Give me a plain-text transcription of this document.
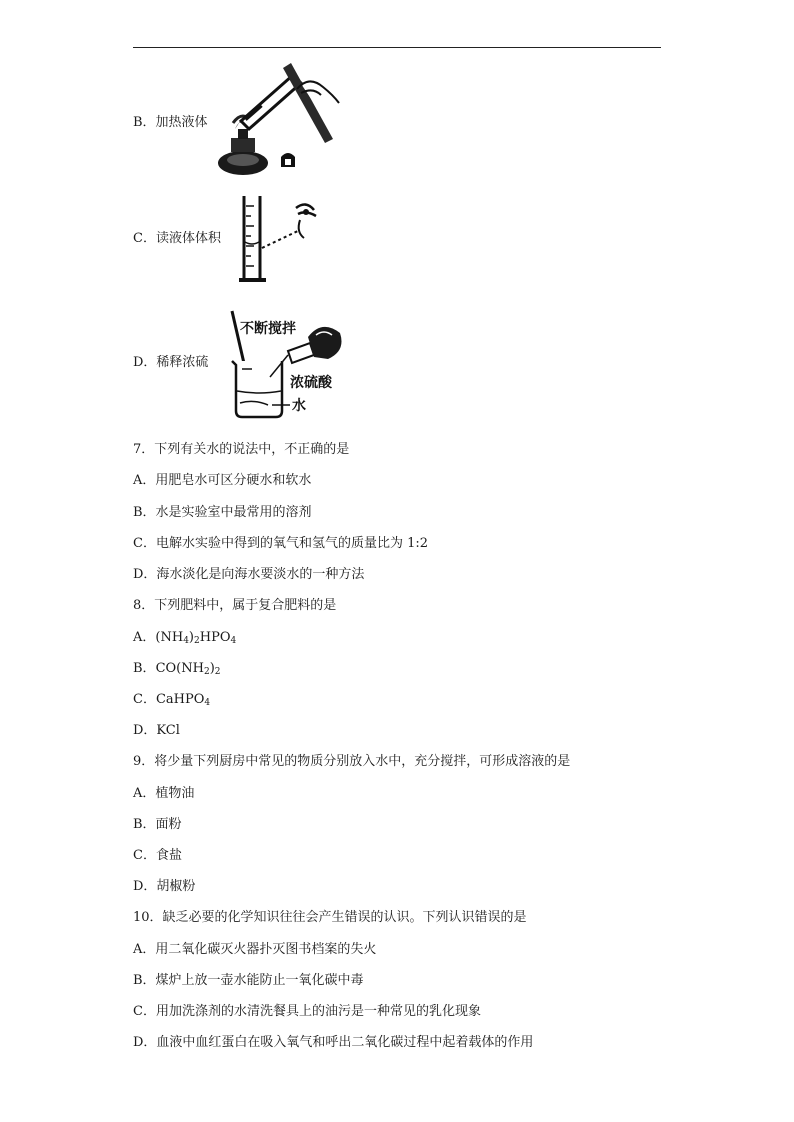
B．加热液体
C．读液体体积
D．稀释浓硫
不断搅拌
浓硫酸
水
7．下列有关水的说法中，不正确的是
A．用肥皂水可区分硬水和软水
B．水是实验室中最常用的溶剂
C．电解水实验中得到的氧气和氢气的质量比为 1:2
D．海水淡化是向海水要淡水的一种方法
8．下列肥料中，属于复合肥料的是
A．$(NH_4)_2HPO_4$
B．$CO(NH_2)_2$
C．CaHPO$_4$
D．KCl
9．将少量下列厨房中常见的物质分别放入水中，充分搅拌，可形成溶液的是
A．植物油
B．面粉
C．食盐
D．胡椒粉
10．缺乏必要的化学知识往往会产生错误的认识。下列认识错误的是
A．用二氧化碳灭火器扑灭图书档案的失火
B．煤炉上放一壶水能防止一氧化碳中毒
C．用加洗涤剂的水清洗餐具上的油污是一种常见的乳化现象
D．血液中血红蛋白在吸入氧气和呼出二氧化碳过程中起着载体的作用
